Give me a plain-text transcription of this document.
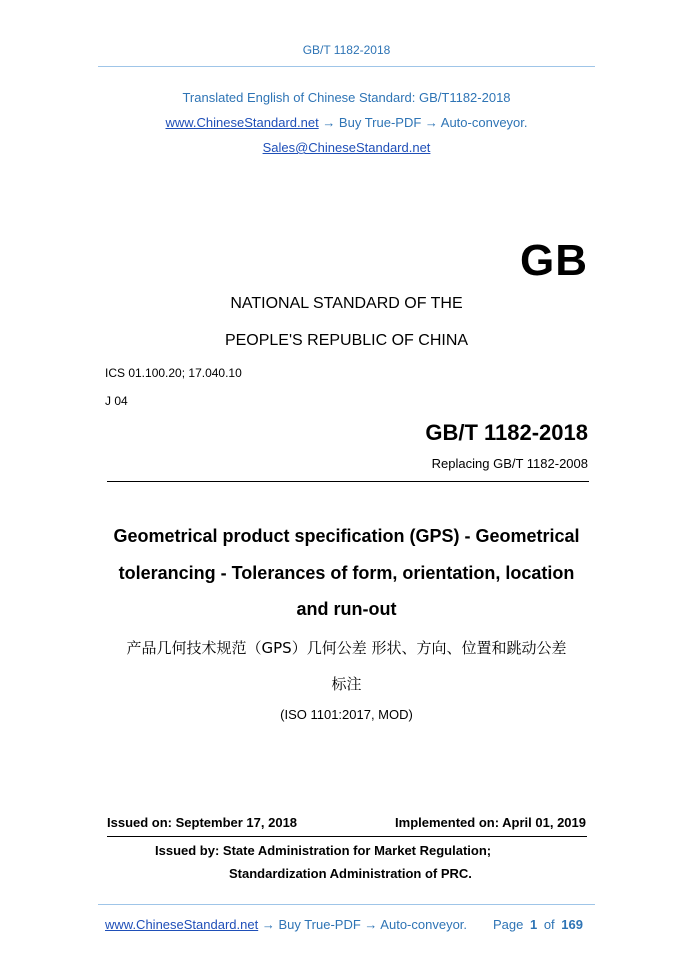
GB/T 1182-2018
Translated English of Chinese Standard: GB/T1182-2018
www.ChineseStandard.net → Buy True-PDF → Auto-conveyor.
Sales@ChineseStandard.net
GB
NATIONAL STANDARD OF THE
PEOPLE'S REPUBLIC OF CHINA
ICS 01.100.20; 17.040.10
J 04
GB/T 1182-2018
Replacing GB/T 1182-2008
Geometrical product specification (GPS) - Geometrical
tolerancing - Tolerances of form, orientation, location
and run-out
产品几何技术规范（GPS）几何公差 形状、方向、位置和跳动公差
标注
(ISO 1101:2017, MOD)
Issued on: September 17, 2018	Implemented on: April 01, 2019
Issued by: State Administration for Market Regulation;
Standardization Administration of PRC.
www.ChineseStandard.net → Buy True-PDF → Auto-conveyor. Page 1 of 169
